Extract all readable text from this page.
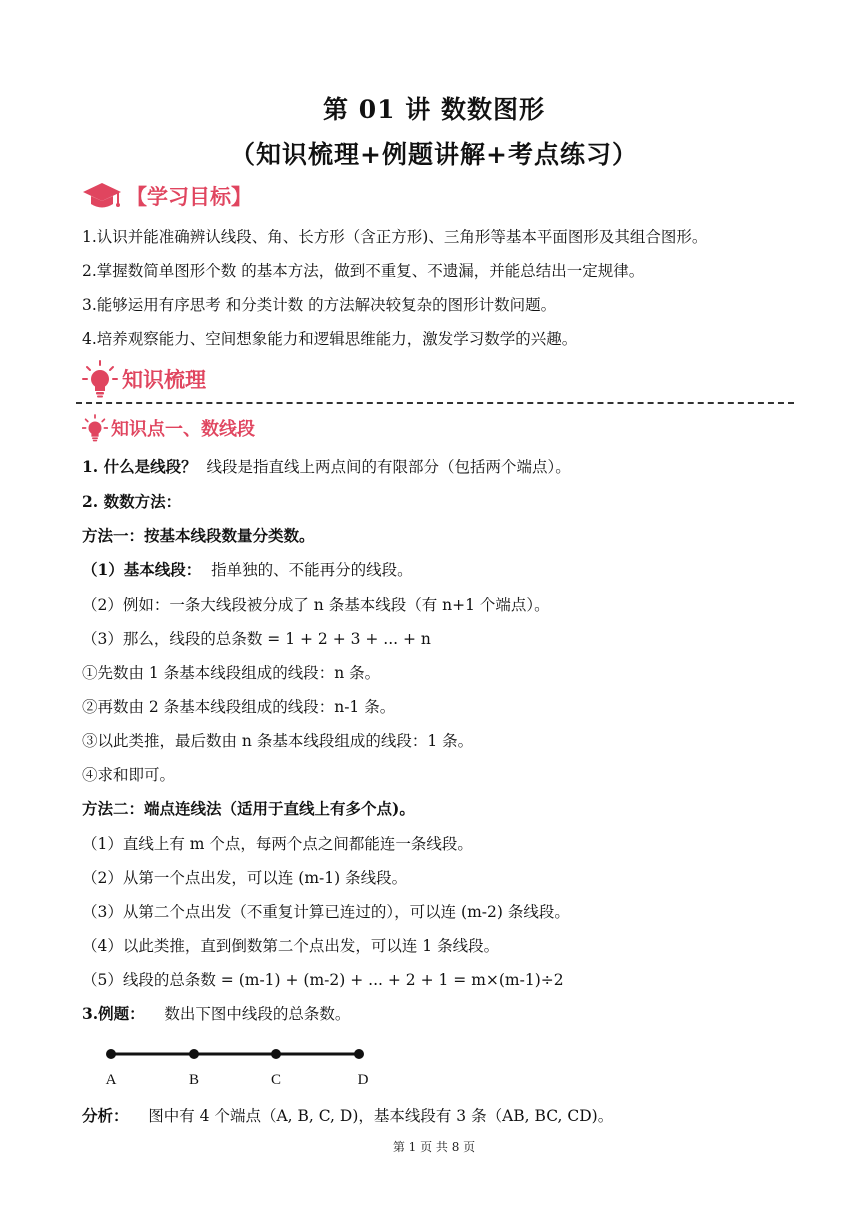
第 01 讲 数数图形
（知识梳理+例题讲解+考点练习）
【学习目标】
1.认识并能准确辨认线段、角、长方形（含正方形)、三角形等基本平面图形及其组合图形。
2.掌握数简单图形个数 的基本方法，做到不重复、不遗漏，并能总结出一定规律。
3.能够运用有序思考 和分类计数 的方法解决较复杂的图形计数问题。
4.培养观察能力、空间想象能力和逻辑思维能力，激发学习数学的兴趣。
知识梳理
知识点一、数线段
1. 什么是线段？ 线段是指直线上两点间的有限部分（包括两个端点）。
2. 数数方法：
方法一：按基本线段数量分类数。
（1）基本线段： 指单独的、不能再分的线段。
（2）例如：一条大线段被分成了 n 条基本线段（有 n+1 个端点）。
（3）那么，线段的总条数 = 1 + 2 + 3 + ... + n
①先数由 1 条基本线段组成的线段：n 条。
②再数由 2 条基本线段组成的线段：n-1 条。
③以此类推，最后数由 n 条基本线段组成的线段：1 条。
④求和即可。
方法二：端点连线法（适用于直线上有多个点)。
（1）直线上有 m 个点，每两个点之间都能连一条线段。
（2）从第一个点出发，可以连 (m-1) 条线段。
（3）从第二个点出发（不重复计算已连过的），可以连 (m-2) 条线段。
（4）以此类推，直到倒数第二个点出发，可以连 1 条线段。
（5）线段的总条数 = (m-1) + (m-2) + ... + 2 + 1 = m×(m-1)÷2
3.例题： 数出下图中线段的总条数。
A	B	C	D
分析： 图中有 4 个端点（A, B, C, D)，基本线段有 3 条（AB, BC, CD)。
第 1 页 共 8 页
